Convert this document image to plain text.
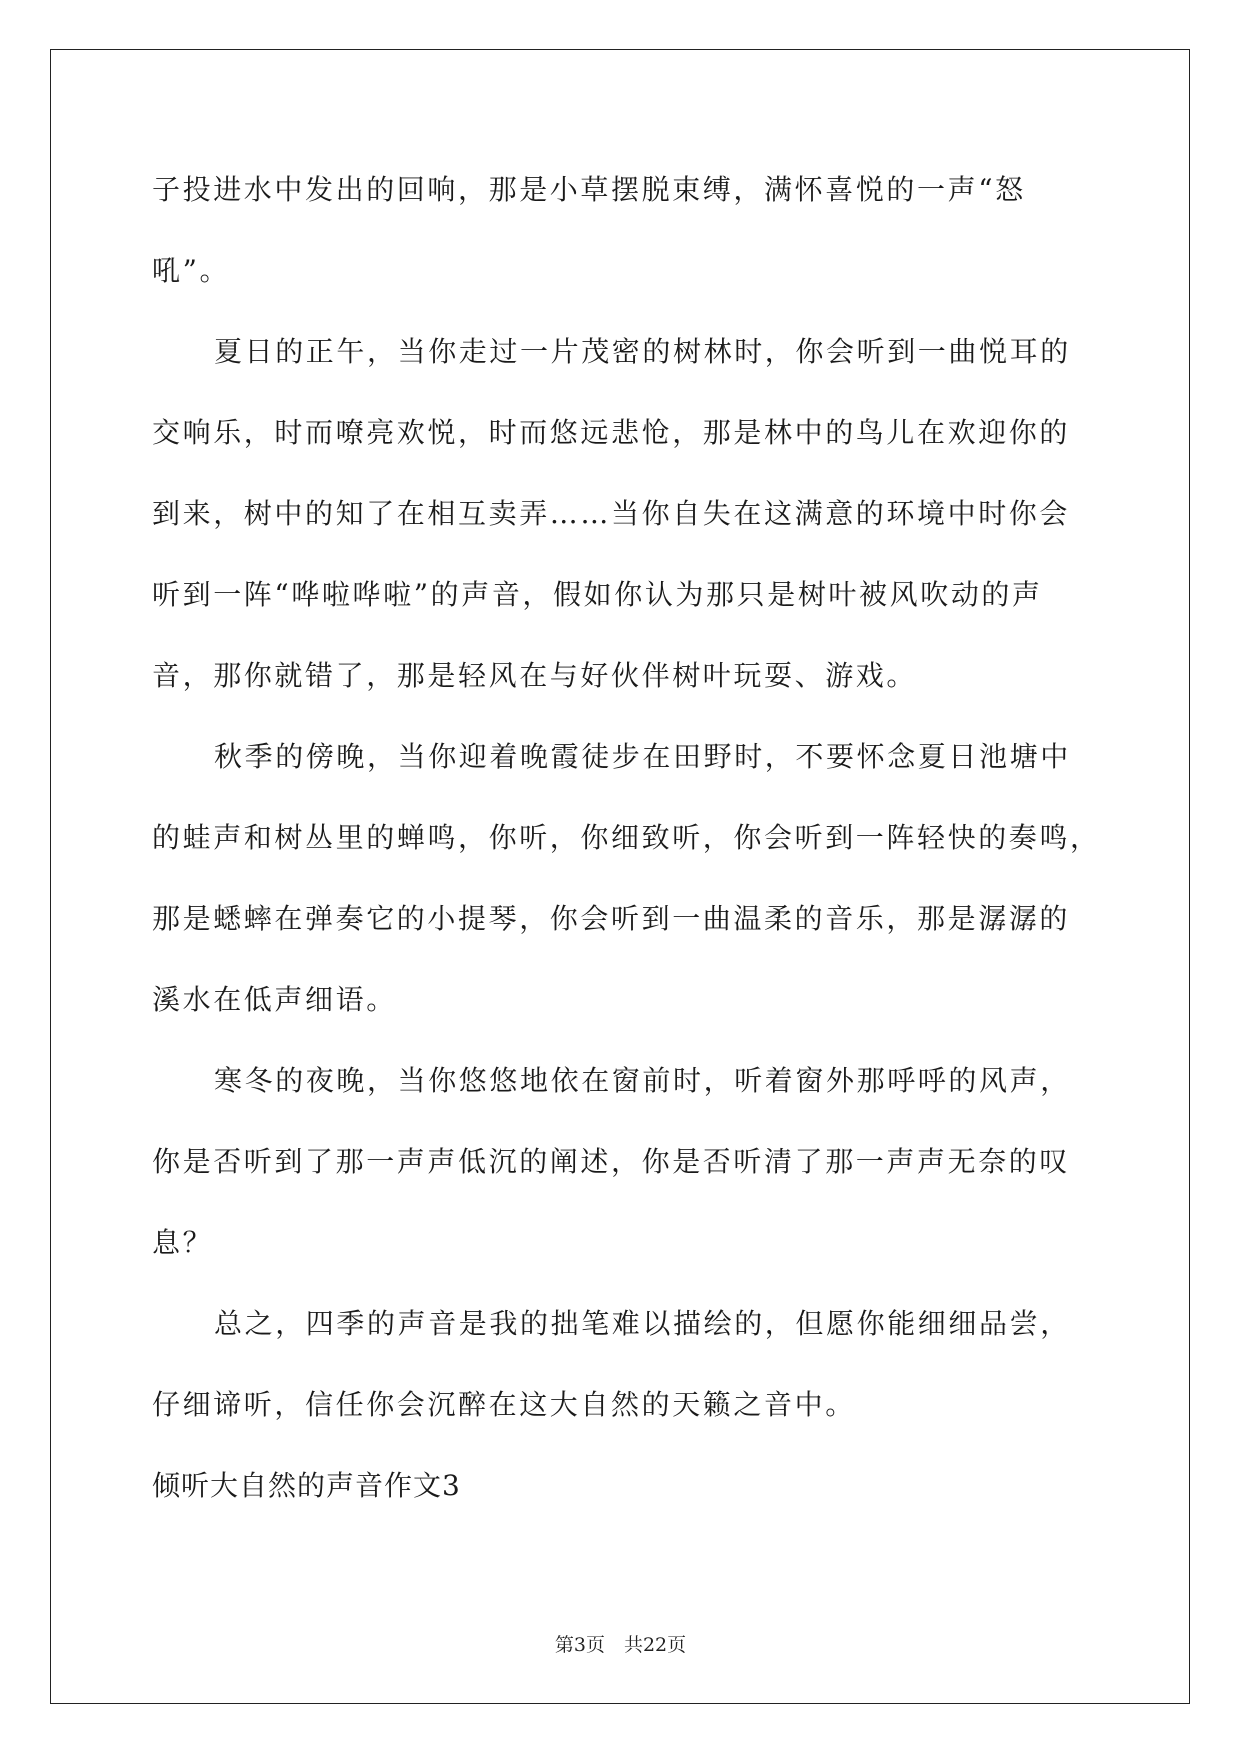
子投进水中发出的回响，那是小草摆脱束缚，满怀喜悦的一声“怒
吼”。
夏日的正午，当你走过一片茂密的树林时，你会听到一曲悦耳的
交响乐，时而嘹亮欢悦，时而悠远悲怆，那是林中的鸟儿在欢迎你的
到来，树中的知了在相互卖弄……当你自失在这满意的环境中时你会
听到一阵“哗啦哗啦”的声音，假如你认为那只是树叶被风吹动的声
音，那你就错了，那是轻风在与好伙伴树叶玩耍、游戏。
秋季的傍晚，当你迎着晚霞徒步在田野时，不要怀念夏日池塘中
的蛙声和树丛里的蝉鸣，你听，你细致听，你会听到一阵轻快的奏鸣，
那是蟋蟀在弹奏它的小提琴，你会听到一曲温柔的音乐，那是潺潺的
溪水在低声细语。
寒冬的夜晚，当你悠悠地依在窗前时，听着窗外那呼呼的风声，
你是否听到了那一声声低沉的阐述，你是否听清了那一声声无奈的叹
息？
总之，四季的声音是我的拙笔难以描绘的，但愿你能细细品尝，
仔细谛听，信任你会沉醉在这大自然的天籁之音中。
倾听大自然的声音作文3
第3页　共22页
